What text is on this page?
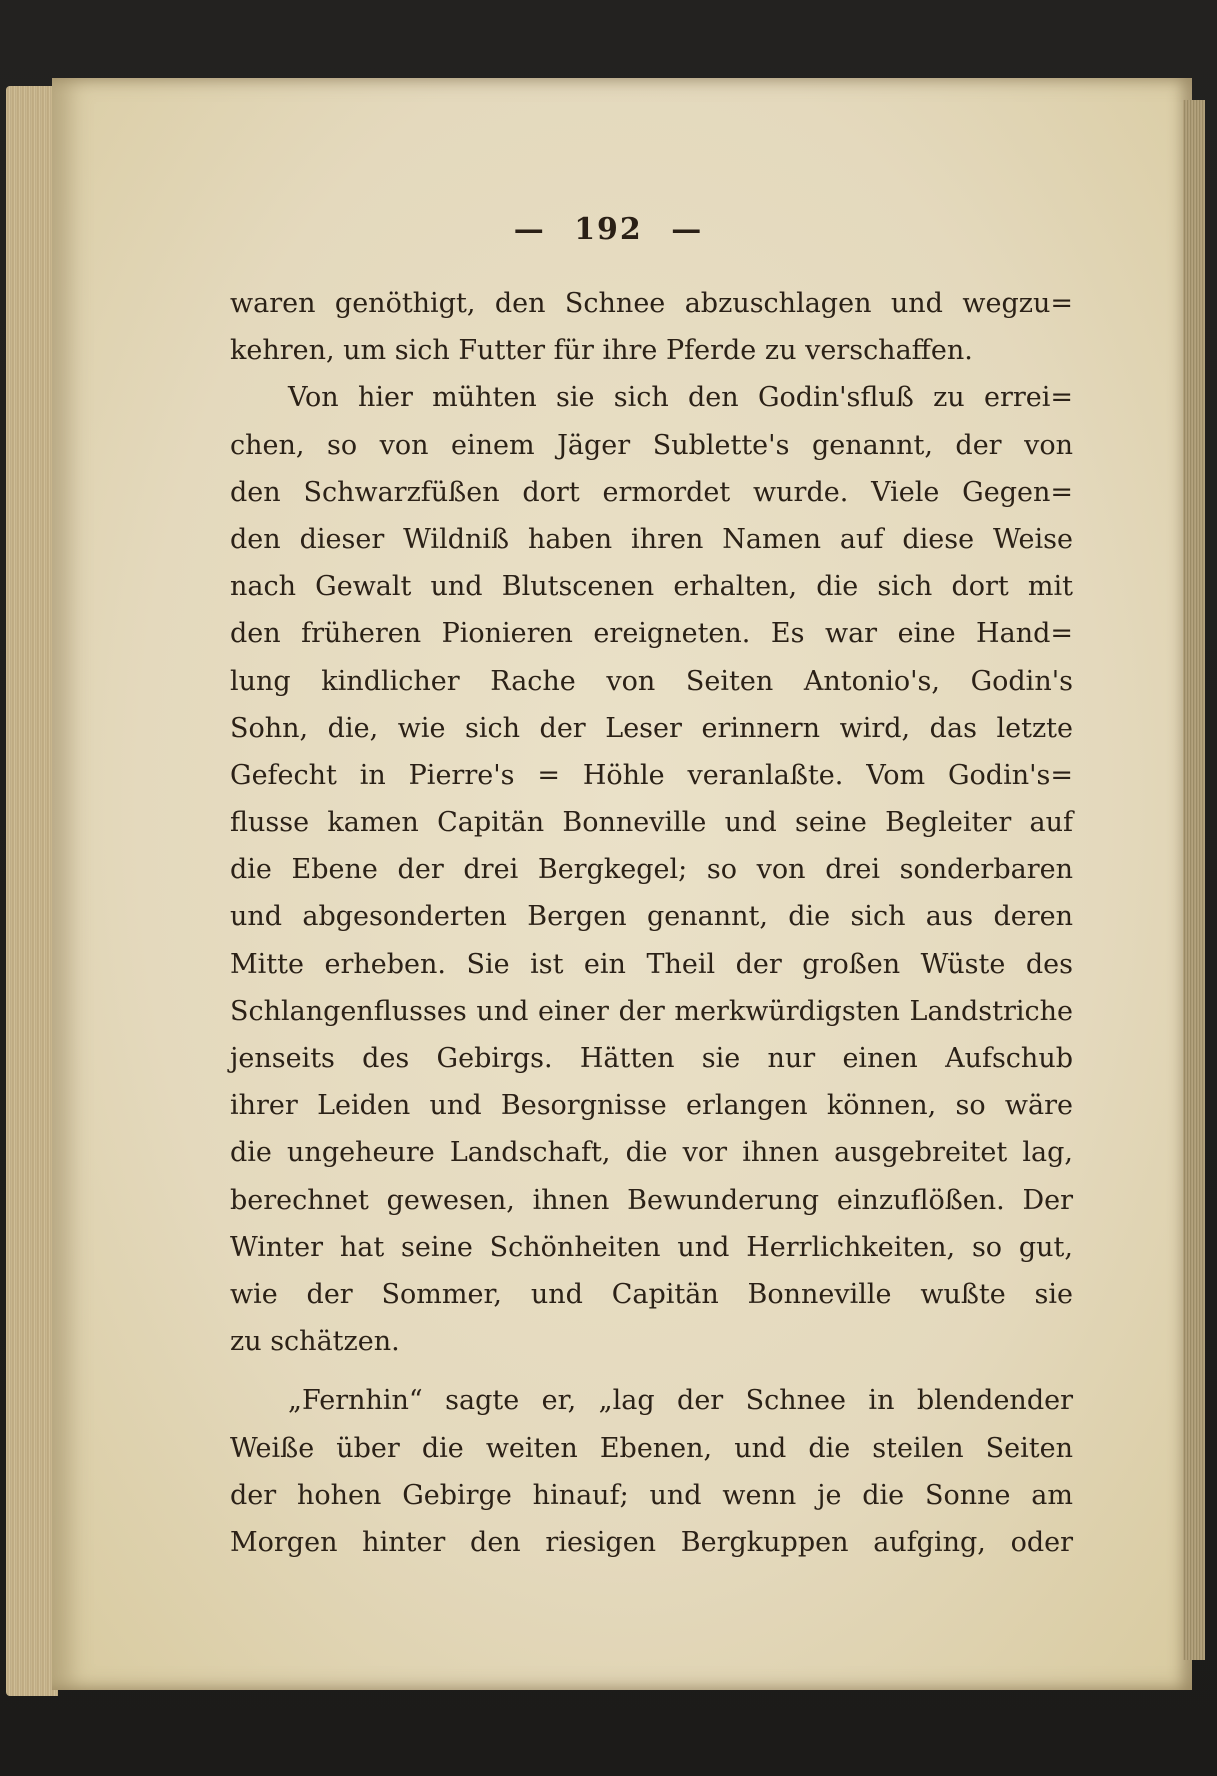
— 192 —
waren genöthigt, den Schnee abzuschlagen und wegzu=
kehren, um sich Futter für ihre Pferde zu verschaffen.
Von hier mühten sie sich den Godin'sfluß zu errei=
chen, so von einem Jäger Sublette's genannt, der von
den Schwarzfüßen dort ermordet wurde. Viele Gegen=
den dieser Wildniß haben ihren Namen auf diese Weise
nach Gewalt und Blutscenen erhalten, die sich dort mit
den früheren Pionieren ereigneten. Es war eine Hand=
lung kindlicher Rache von Seiten Antonio's, Godin's
Sohn, die, wie sich der Leser erinnern wird, das letzte
Gefecht in Pierre's = Höhle veranlaßte. Vom Godin's=
flusse kamen Capitän Bonneville und seine Begleiter auf
die Ebene der drei Bergkegel; so von drei sonderbaren
und abgesonderten Bergen genannt, die sich aus deren
Mitte erheben. Sie ist ein Theil der großen Wüste des
Schlangenflusses und einer der merkwürdigsten Landstriche
jenseits des Gebirgs. Hätten sie nur einen Aufschub
ihrer Leiden und Besorgnisse erlangen können, so wäre
die ungeheure Landschaft, die vor ihnen ausgebreitet lag,
berechnet gewesen, ihnen Bewunderung einzuflößen. Der
Winter hat seine Schönheiten und Herrlichkeiten, so gut,
wie der Sommer, und Capitän Bonneville wußte sie
zu schätzen.
„Fernhin“ sagte er, „lag der Schnee in blendender
Weiße über die weiten Ebenen, und die steilen Seiten
der hohen Gebirge hinauf; und wenn je die Sonne am
Morgen hinter den riesigen Bergkuppen aufging, oder
